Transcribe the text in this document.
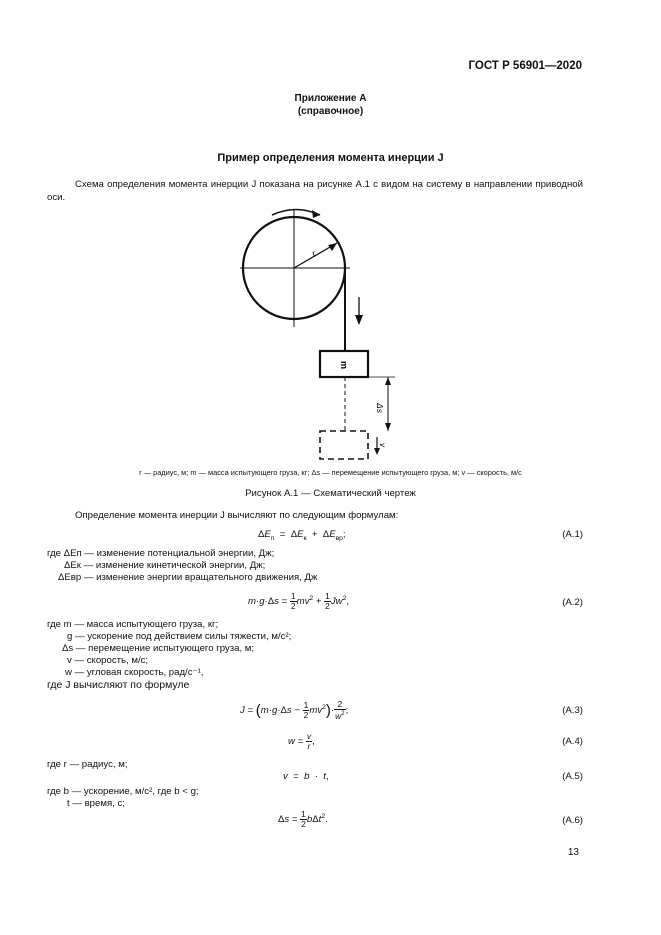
ГОСТ Р 56901—2020
Приложение А
(справочное)
Пример определения момента инерции J
Схема определения момента инерции J показана на рисунке А.1 с видом на систему в направлении приводной оси.
r
m
Δs
v
r — радиус, м; m — масса испытующего груза, кг; Δs — перемещение испытующего груза, м; v — скорость, м/с
Рисунок А.1 — Схематический чертеж
Определение момента инерции J вычисляют по следующим формулам:
$\Delta E_п = \Delta E_к + \Delta E_{вр}$;	(А.1)
где ΔEп — изменение потенциальной энергии, Дж;
ΔEк — изменение кинетической энергии, Дж;
ΔEвр — изменение энергии вращательного движения, Дж
$m\cdot g\cdot\Delta s = \frac{1}{2} mv^2 + \frac{1}{2} Jw^2$,	(А.2)
где m — масса испытующего груза, кг;
g — ускорение под действием силы тяжести, м/с²;
Δs — перемещение испытующего груза, м;
v — скорость, м/с;
w — угловая скорость, рад/с⁻¹,
где J вычисляют по формуле
$J = (m\cdot g\cdot\Delta s - \frac{1}{2} mv^2)\cdot \frac{2}{w^2}$ ;	(А.3)
$w = \frac{v}{r}$ ,	(А.4)
где r — радиус, м;
v  =  b  ·  t,	(А.5)
где b — ускорение, м/с², где b < g;
t — время, с;
$\Delta s = \frac{1}{2} b\Delta t^2$.	(А.6)
13
